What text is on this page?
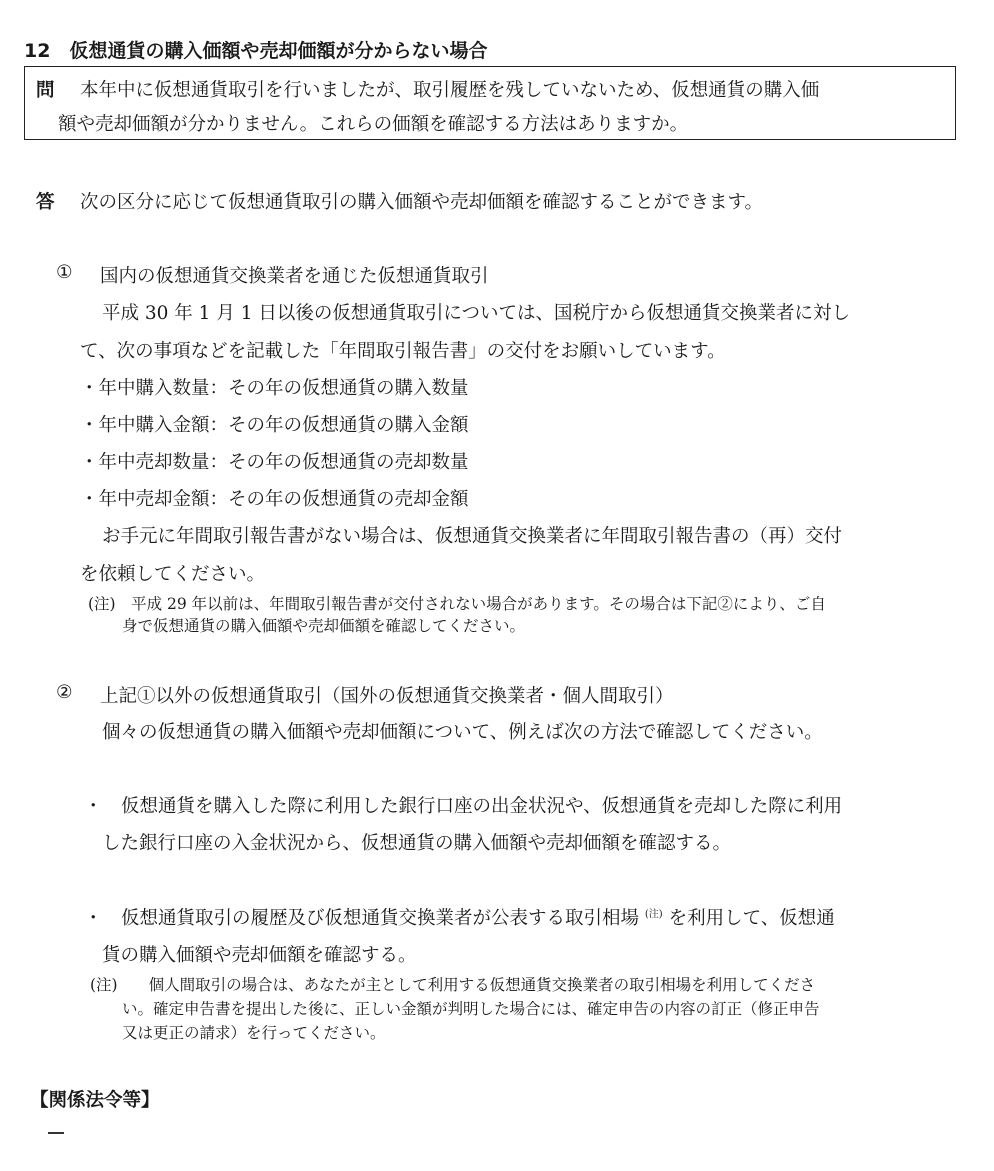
12　仮想通貨の購入価額や売却価額が分からない場合
問 本年中に仮想通貨取引を行いましたが、取引履歴を残していないため、仮想通貨の購入価
額や売却価額が分かりません。これらの価額を確認する方法はありますか。
答 次の区分に応じて仮想通貨取引の購入価額や売却価額を確認することができます。
① 国内の仮想通貨交換業者を通じた仮想通貨取引
平成 30 年 1 月 1 日以後の仮想通貨取引については、国税庁から仮想通貨交換業者に対し
て、次の事項などを記載した「年間取引報告書」の交付をお願いしています。
・年中購入数量：その年の仮想通貨の購入数量
・年中購入金額：その年の仮想通貨の購入金額
・年中売却数量：その年の仮想通貨の売却数量
・年中売却金額：その年の仮想通貨の売却金額
お手元に年間取引報告書がない場合は、仮想通貨交換業者に年間取引報告書の（再）交付
を依頼してください。
(注)　平成 29 年以前は、年間取引報告書が交付されない場合があります。その場合は下記②により、ご自
身で仮想通貨の購入価額や売却価額を確認してください。
② 上記①以外の仮想通貨取引（国外の仮想通貨交換業者・個人間取引）
個々の仮想通貨の購入価額や売却価額について、例えば次の方法で確認してください。
・　仮想通貨を購入した際に利用した銀行口座の出金状況や、仮想通貨を売却した際に利用
した銀行口座の入金状況から、仮想通貨の購入価額や売却価額を確認する。
・　仮想通貨取引の履歴及び仮想通貨交換業者が公表する取引相場 $^{(注)}$ を利用して、仮想通
貨の購入価額や売却価額を確認する。
(注)　　個人間取引の場合は、あなたが主として利用する仮想通貨交換業者の取引相場を利用してくださ
い。確定申告書を提出した後に、正しい金額が判明した場合には、確定申告の内容の訂正（修正申告
又は更正の請求）を行ってください。
【関係法令等】
